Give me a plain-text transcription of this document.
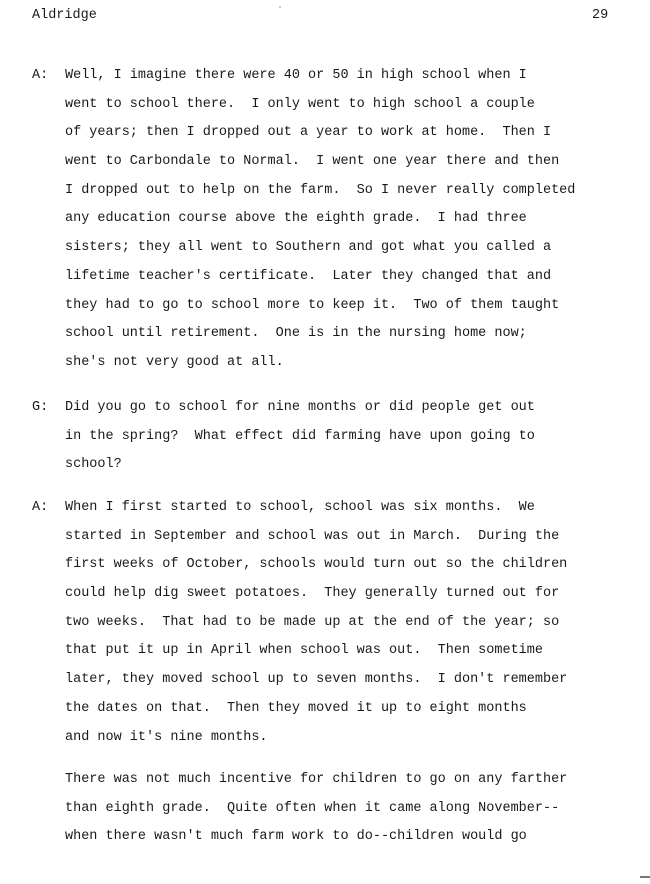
Aldridge	29
A: Well, I imagine there were 40 or 50 in high school when I
went to school there.  I only went to high school a couple
of years; then I dropped out a year to work at home.  Then I
went to Carbondale to Normal.  I went one year there and then
I dropped out to help on the farm.  So I never really completed
any education course above the eighth grade.  I had three
sisters; they all went to Southern and got what you called a
lifetime teacher's certificate.  Later they changed that and
they had to go to school more to keep it.  Two of them taught
school until retirement.  One is in the nursing home now;
she's not very good at all.
G: Did you go to school for nine months or did people get out
in the spring?  What effect did farming have upon going to
school?
A: When I first started to school, school was six months.  We
started in September and school was out in March.  During the
first weeks of October, schools would turn out so the children
could help dig sweet potatoes.  They generally turned out for
two weeks.  That had to be made up at the end of the year; so
that put it up in April when school was out.  Then sometime
later, they moved school up to seven months.  I don't remember
the dates on that.  Then they moved it up to eight months
and now it's nine months.
There was not much incentive for children to go on any farther
than eighth grade.  Quite often when it came along November--
when there wasn't much farm work to do--children would go
